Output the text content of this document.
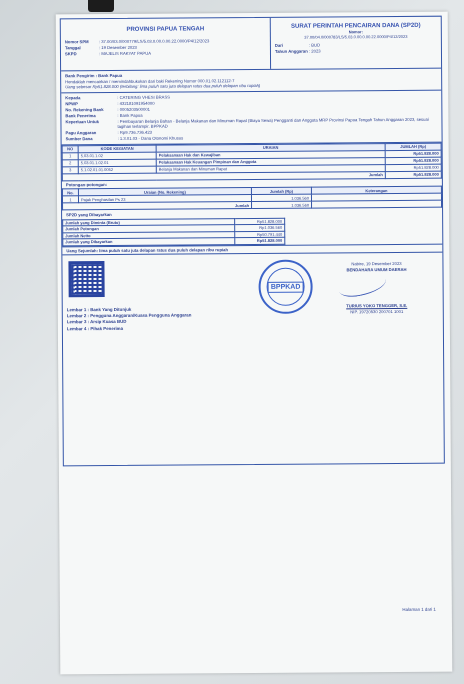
PROVINSI PAPUA TENGAH
Nomor SPM	: 37.00/03.0/000779/LS/5.03.0.00.0.00.22.0000/P4/12/2023
Tanggal	: 19 Desember 2023
SKPD	: MAJELIS RAKYAT PAPUA
SURAT PERINTAH PENCAIRAN DANA (SP2D)
Nomor:
37.00/04.0/000783/LS/5.03.0.00.0.00.22.0000/P4/12/2023
Dari	: BUD
Tahun Anggaran : 2023
Bank Pengirim : Bank Papua
Hendaklah mencairkan / memindahbukukan dari baki Rekening Nomor 000.01.02.112112-7
Uang sebesar Rp51.828.000 (terbilang: lima puluh satu juta delapan ratus dua puluh delapan ribu rupiah)
Kepada	: CATERING VHESI BRASS
NPWP	: 432181091954000
No. Rekening Bank	: 0005203500001
Bank Penerima	: Bank Papua
Keperluan Untuk	: Pembayaran Belanja Bahan - Belanja Makanan dan Minuman Rapat (Biaya Sewa) Pengganti dan Anggota MRP Provinsi Papua Tengah Tahun Anggaran 2023, sesuai tagihan terlampir. BPPKAD
Pagu Anggaran	: Rp9.736.736.423
Sumber Dana	: 1.3.01.03 - Dana Otonomi Khusus
NO	KODE KEGIATAN	URAIAN	JUMLAH (Rp)
1	5.03.01.1.02	Pelaksanaan Hak dan Kewajiban	Rp51.828.000
2	5.03.01.1.02.01	Pelaksanaan Hak Keuangan Pimpinan dan Anggota	Rp51.828.000
3	5.1.02.01.01.0052	Belanja Makanan dan Minuman Rapat	Rp51.828.000
Jumlah			Rp51.828.000
Potongan-potongan:
No.	Uraian (No. Rekening)	Jumlah (Rp)	Keterangan
1	Pajak Penghasilan Ps 23	1.036.560	
Jumlah		1.036.560	
SP2D yang Dibayarkan
Jumlah yang Diminta (Bruto)	Rp51.828.000	
Jumlah Potongan	Rp1.036.560	
Jumlah Netto	Rp50.791.440	
Jumlah yang Dibayarkan	Rp51.828.000	
Uang Sejumlah: lima puluh satu juta delapan ratus dua puluh delapan ribu rupiah
BPPKAD
Nabire, 19 Desember 2023
BENDAHARA UMUM DAERAH
TURIUS YOKO TENGGER, S.E.
NIP. 19720530 200701 1001
Lembar 1 : Bank Yang Ditunjuk
Lembar 2 : Pengguna Anggaran/Kuasa Pengguna Anggaran
Lembar 3 : Arsip Kuasa BUD
Lembar 4 : Pihak Penerima
Halaman 1 dari 1
